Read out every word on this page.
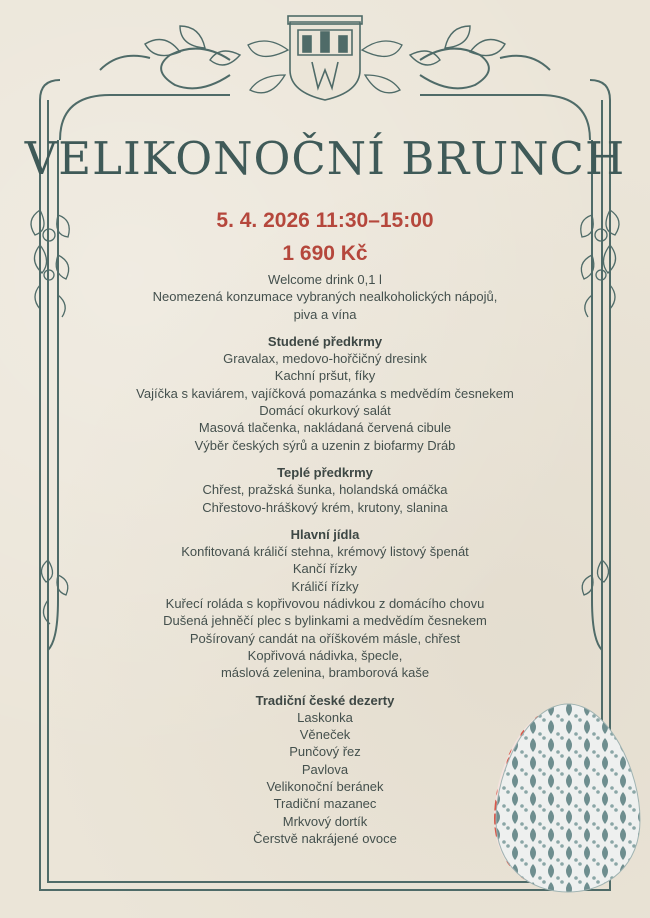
VELIKONOČNÍ BRUNCH
5. 4. 2026 11:30–15:00
1 690 Kč
Welcome drink 0,1 l
Neomezená konzumace vybraných nealkoholických nápojů,
piva a vína
Studené předkrmy
Gravalax, medovo-hořčičný dresink
Kachní pršut, fíky
Vajíčka s kaviárem, vajíčková pomazánka s medvědím česnekem
Domácí okurkový salát
Masová tlačenka, nakládaná červená cibule
Výběr českých sýrů a uzenin z biofarmy Dráb
Teplé předkrmy
Chřest, pražská šunka, holandská omáčka
Chřestovo-hráškový krém, krutony, slanina
Hlavní jídla
Konfitovaná králičí stehna, krémový listový špenát
Kančí řízky
Králičí řízky
Kuřecí roláda s kopřivovou nádivkou z domácího chovu
Dušená jehněčí plec s bylinkami a medvědím česnekem
Pošírovaný candát na oříškovém másle, chřest
Kopřivová nádivka, špecle,
máslová zelenina, bramborová kaše
Tradiční české dezerty
Laskonka
Věneček
Punčový řez
Pavlova
Velikonoční beránek
Tradiční mazanec
Mrkvový dortík
Čerstvě nakrájené ovoce
